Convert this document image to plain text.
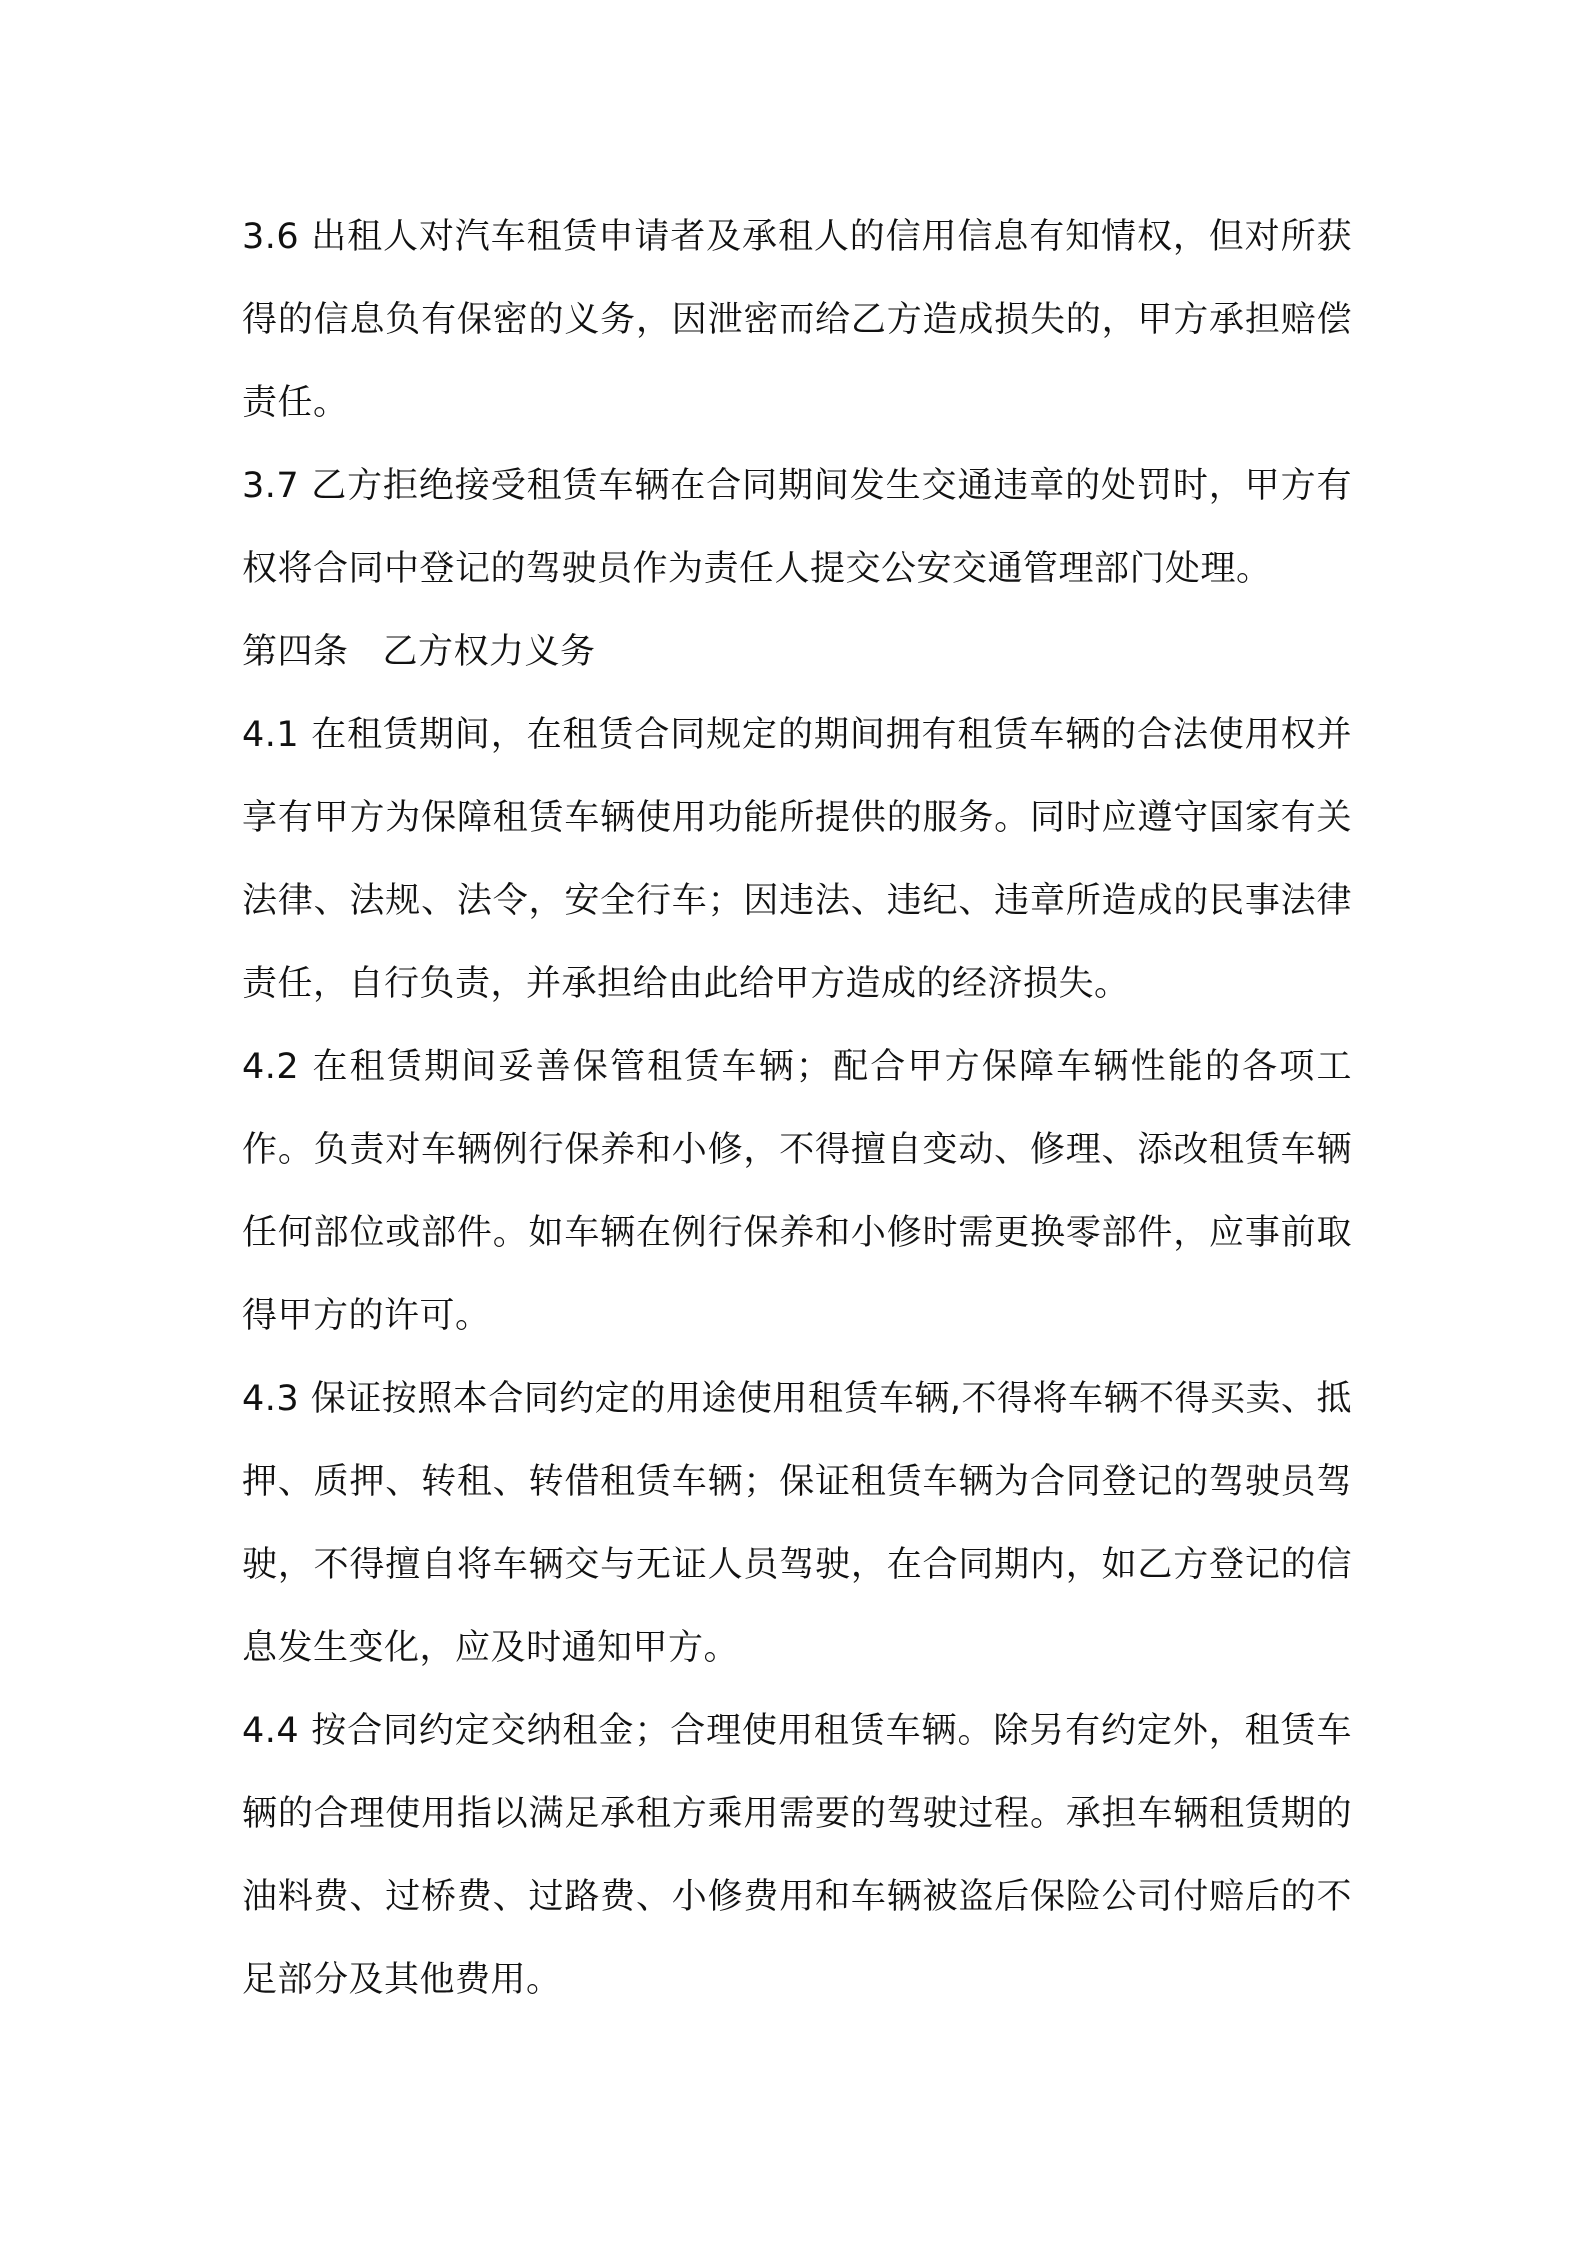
3.6 出租人对汽车租赁申请者及承租人的信用信息有知情权，但对所获得的信息负有保密的义务，因泄密而给乙方造成损失的，甲方承担赔偿责任。

3.7 乙方拒绝接受租赁车辆在合同期间发生交通违章的处罚时，甲方有权将合同中登记的驾驶员作为责任人提交公安交通管理部门处理。

第四条 乙方权力义务

4.1 在租赁期间，在租赁合同规定的期间拥有租赁车辆的合法使用权并享有甲方为保障租赁车辆使用功能所提供的服务。同时应遵守国家有关法律、法规、法令，安全行车；因违法、违纪、违章所造成的民事法律责任，自行负责，并承担给由此给甲方造成的经济损失。

4.2 在租赁期间妥善保管租赁车辆；配合甲方保障车辆性能的各项工作。负责对车辆例行保养和小修，不得擅自变动、修理、添改租赁车辆任何部位或部件。如车辆在例行保养和小修时需更换零部件，应事前取得甲方的许可。

4.3 保证按照本合同约定的用途使用租赁车辆,不得将车辆不得买卖、抵押、质押、转租、转借租赁车辆；保证租赁车辆为合同登记的驾驶员驾驶，不得擅自将车辆交与无证人员驾驶，在合同期内，如乙方登记的信息发生变化，应及时通知甲方。

4.4 按合同约定交纳租金；合理使用租赁车辆。除另有约定外，租赁车辆的合理使用指以满足承租方乘用需要的驾驶过程。承担车辆租赁期的油料费、过桥费、过路费、小修费用和车辆被盗后保险公司付赔后的不足部分及其他费用。
